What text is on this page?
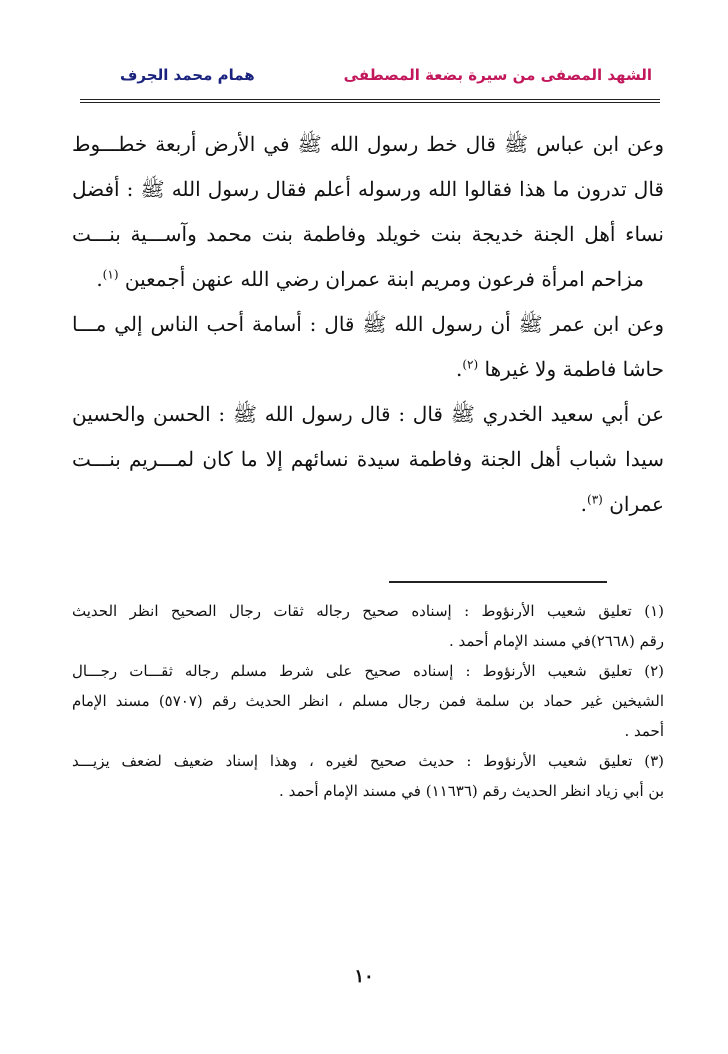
الشهد المصفى من سيرة بضعة المصطفى
همام محمد الجرف
وعن ابن عباس ﷺ قال خط رسول الله ﷺ في الأرض أربعة خطـــوط
قال تدرون ما هذا فقالوا الله ورسوله أعلم فقال رسول الله ﷺ : أفضل
نساء أهل الجنة خديجة بنت خويلد وفاطمة بنت محمد وآســـية بنـــت
مزاحم امرأة فرعون ومريم ابنة عمران رضي الله عنهن أجمعين $^{(١)}$.
وعن ابن عمر ﷺ أن رسول الله ﷺ قال : أسامة أحب الناس إلي مـــا
حاشا فاطمة ولا غيرها $^{(٢)}$.
عن أبي سعيد الخدري ﷺ قال : قال رسول الله ﷺ : الحسن والحسين
سيدا شباب أهل الجنة وفاطمة سيدة نسائهم إلا ما كان لمـــريم بنـــت
عمران $^{(٣)}$.
(١) تعليق شعيب الأرنؤوط : إسناده صحيح رجاله ثقات رجال الصحيح انظر الحديث
رقم (٢٦٦٨)في مسند الإمام أحمد .
(٢) تعليق شعيب الأرنؤوط : إسناده صحيح على شرط مسلم رجاله ثقـــات رجـــال
الشيخين غير حماد بن سلمة فمن رجال مسلم ، انظر الحديث رقم (٥٧٠٧) مسند الإمام
أحمد .
(٣) تعليق شعيب الأرنؤوط : حديث صحيح لغيره ، وهذا إسناد ضعيف لضعف يزيـــد
بن أبي زياد انظر الحديث رقم (١١٦٣٦) في مسند الإمام أحمد .
١٠
